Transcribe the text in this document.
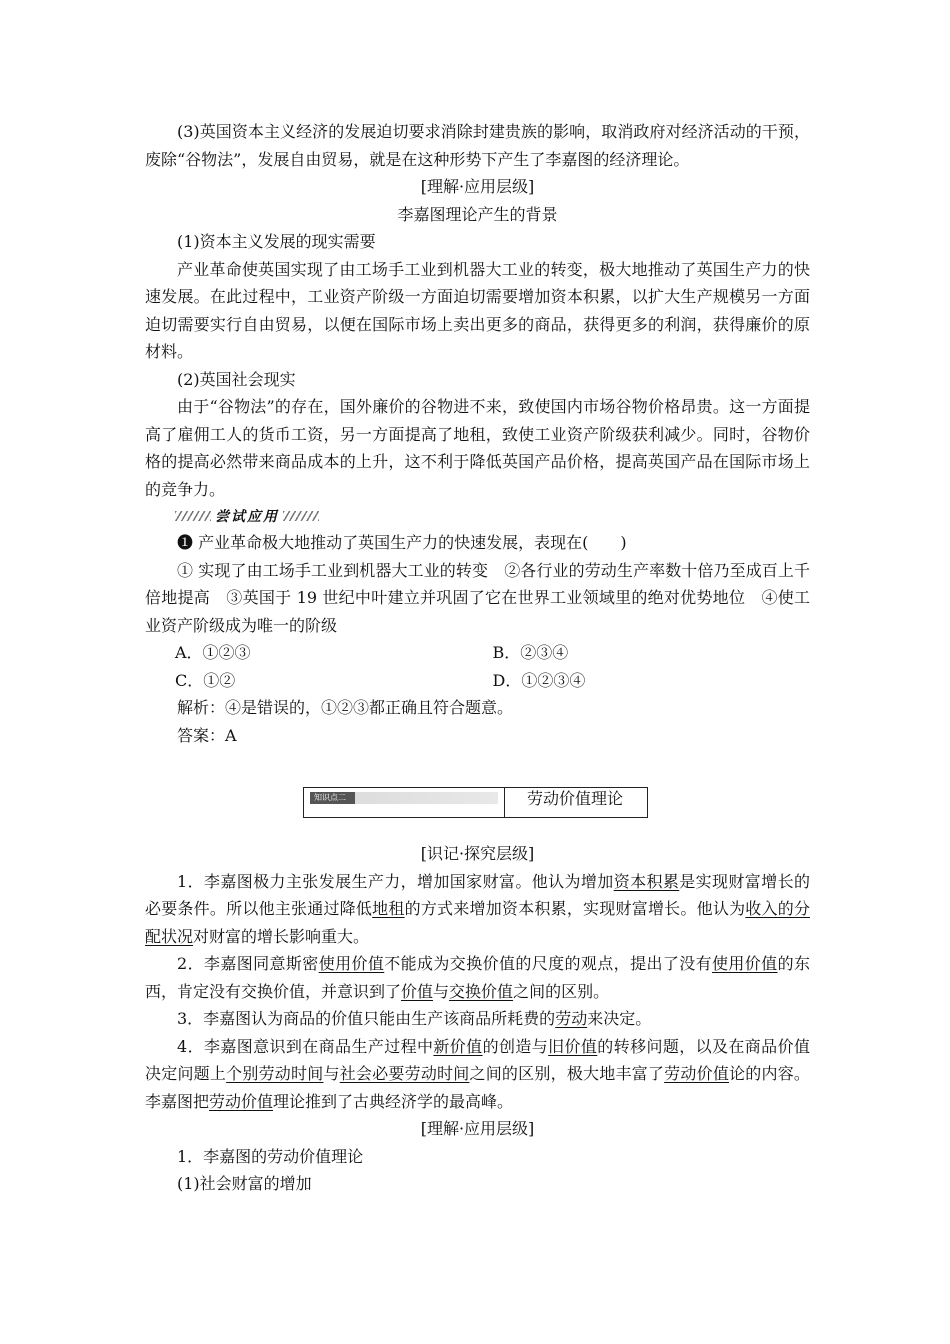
(3)英国资本主义经济的发展迫切要求消除封建贵族的影响，取消政府对经济活动的干预，废除“谷物法”，发展自由贸易，就是在这种形势下产生了李嘉图的经济理论。

[理解·应用层级]

李嘉图理论产生的背景

(1)资本主义发展的现实需要

产业革命使英国实现了由工场手工业到机器大工业的转变，极大地推动了英国生产力的快速发展。在此过程中，工业资产阶级一方面迫切需要增加资本积累，以扩大生产规模另一方面迫切需要实行自由贸易，以便在国际市场上卖出更多的商品，获得更多的利润，获得廉价的原材料。

(2)英国社会现实

由于“谷物法”的存在，国外廉价的谷物进不来，致使国内市场谷物价格昂贵。这一方面提高了雇佣工人的货币工资，另一方面提高了地租，致使工业资产阶级获利减少。同时，谷物价格的提高必然带来商品成本的上升，这不利于降低英国产品价格，提高英国产品在国际市场上的竞争力。

尝试应用

❶ 产业革命极大地推动了英国生产力的快速发展，表现在(　　)

① 实现了由工场手工业到机器大工业的转变　②各行业的劳动生产率数十倍乃至成百上千倍地提高　③英国于 19 世纪中叶建立并巩固了它在世界工业领域里的绝对优势地位　④使工业资产阶级成为唯一的阶级

A．①②③	B．②③④
C．①②	D．①②③④

解析：④是错误的，①②③都正确且符合题意。

答案：A

知识点二	劳动价值理论

[识记·探究层级]

1．李嘉图极力主张发展生产力，增加国家财富。他认为增加资本积累是实现财富增长的必要条件。所以他主张通过降低地租的方式来增加资本积累，实现财富增长。他认为收入的分配状况对财富的增长影响重大。

2．李嘉图同意斯密使用价值不能成为交换价值的尺度的观点，提出了没有使用价值的东西，肯定没有交换价值，并意识到了价值与交换价值之间的区别。

3．李嘉图认为商品的价值只能由生产该商品所耗费的劳动来决定。

4．李嘉图意识到在商品生产过程中新价值的创造与旧价值的转移问题，以及在商品价值决定问题上个别劳动时间与社会必要劳动时间之间的区别，极大地丰富了劳动价值论的内容。李嘉图把劳动价值理论推到了古典经济学的最高峰。

[理解·应用层级]

1．李嘉图的劳动价值理论

(1)社会财富的增加
